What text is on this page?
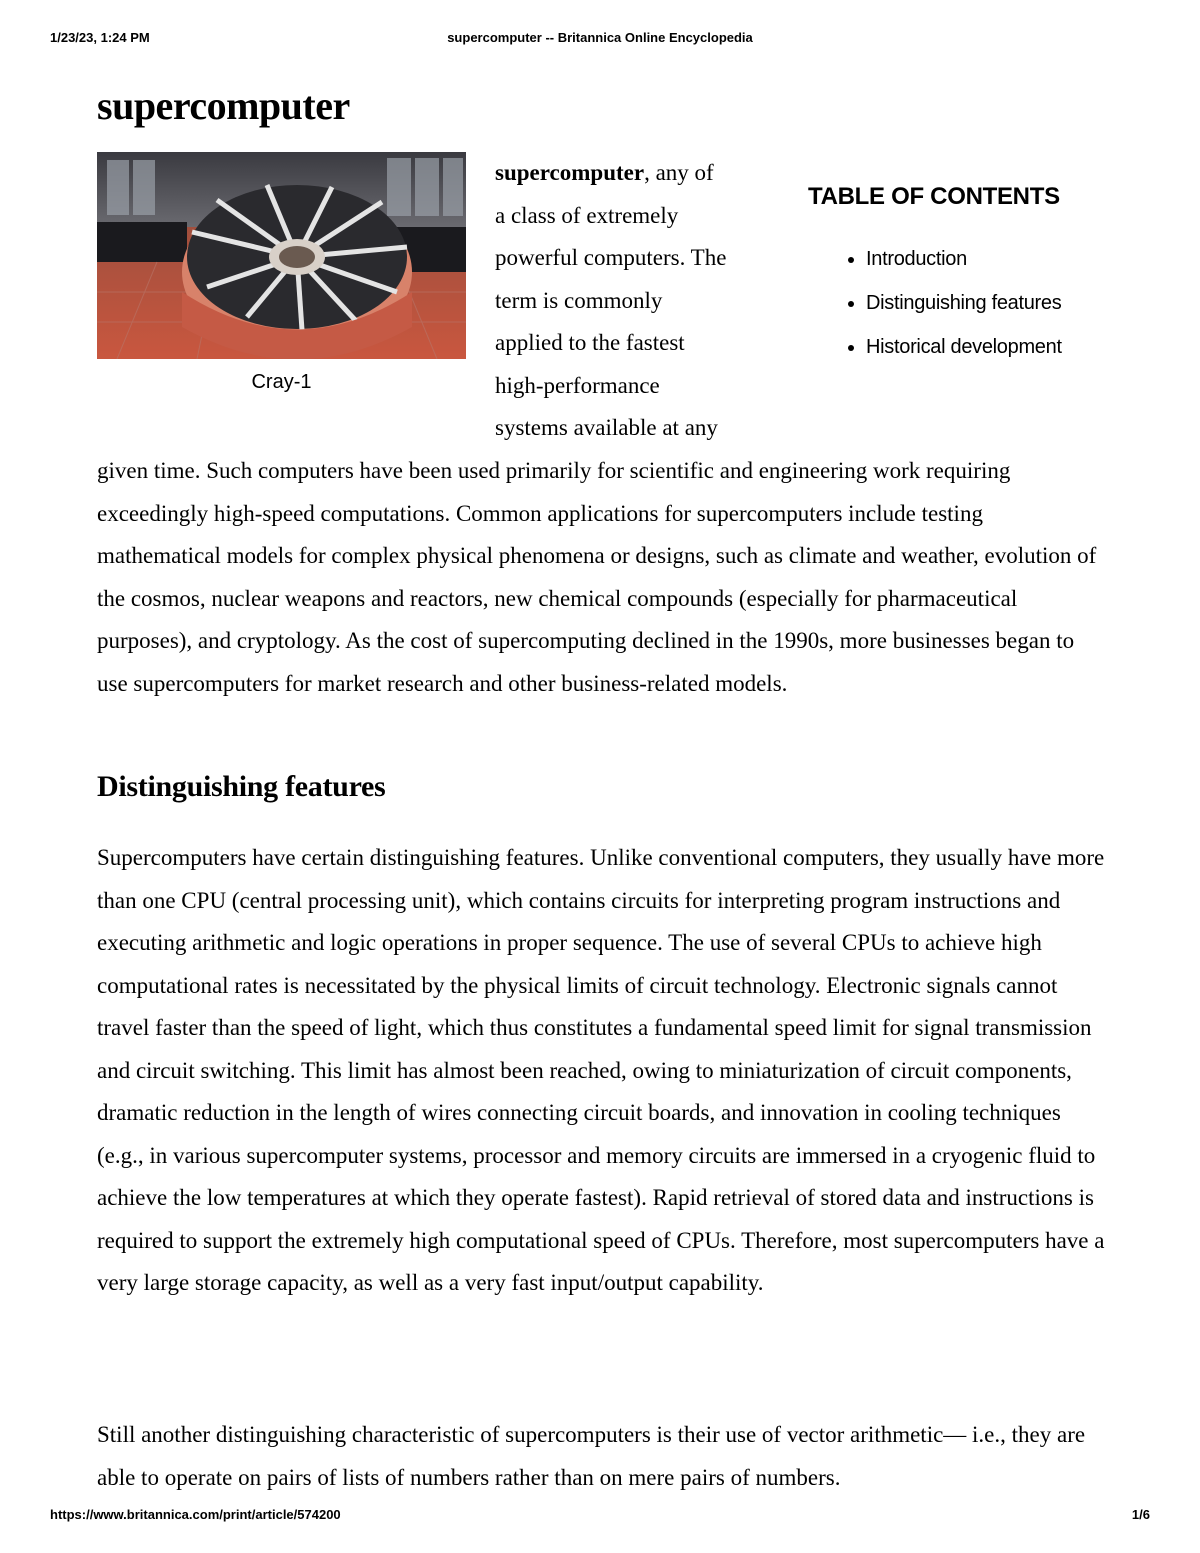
1/23/23, 1:24 PM	supercomputer -- Britannica Online Encyclopedia
supercomputer
Cray-1
supercomputer, any of
a class of extremely
powerful computers. The
term is commonly
applied to the fastest
high-performance
systems available at any
TABLE OF CONTENTS
• Introduction
• Distinguishing features
• Historical development

given time. Such computers have been used primarily for scientific and engineering work requiring exceedingly high-speed computations. Common applications for supercomputers include testing mathematical models for complex physical phenomena or designs, such as climate and weather, evolution of the cosmos, nuclear weapons and reactors, new chemical compounds (especially for pharmaceutical purposes), and cryptology. As the cost of supercomputing declined in the 1990s, more businesses began to use supercomputers for market research and other business-related models.

Distinguishing features

Supercomputers have certain distinguishing features. Unlike conventional computers, they usually have more than one CPU (central processing unit), which contains circuits for interpreting program instructions and executing arithmetic and logic operations in proper sequence. The use of several CPUs to achieve high computational rates is necessitated by the physical limits of circuit technology. Electronic signals cannot travel faster than the speed of light, which thus constitutes a fundamental speed limit for signal transmission and circuit switching. This limit has almost been reached, owing to miniaturization of circuit components, dramatic reduction in the length of wires connecting circuit boards, and innovation in cooling techniques (e.g., in various supercomputer systems, processor and memory circuits are immersed in a cryogenic fluid to achieve the low temperatures at which they operate fastest). Rapid retrieval of stored data and instructions is required to support the extremely high computational speed of CPUs. Therefore, most supercomputers have a very large storage capacity, as well as a very fast input/output capability.

Still another distinguishing characteristic of supercomputers is their use of vector arithmetic— i.e., they are able to operate on pairs of lists of numbers rather than on mere pairs of numbers.

https://www.britannica.com/print/article/574200	1/6
